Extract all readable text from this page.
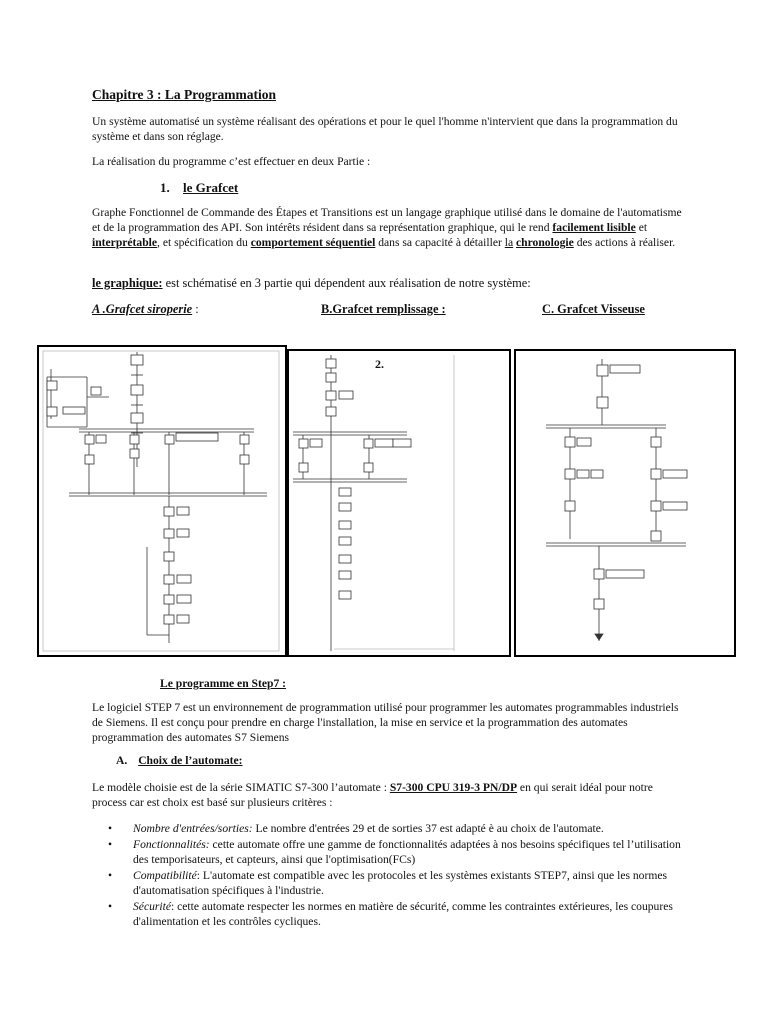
Chapitre 3 : La Programmation

Un système automatisé un système réalisant des opérations et pour le quel l'homme n'intervient que dans la programmation du système et dans son réglage.

La réalisation du programme c’est effectuer en deux Partie :

1. le Grafcet

Graphe Fonctionnel de Commande des Étapes et Transitions est un langage graphique utilisé dans le domaine de l'automatisme et de la programmation des API. Son intérêts résident dans sa représentation graphique, qui le rend facilement lisible et interprétable, et spécification du comportement séquentiel dans sa capacité à détailler la chronologie des actions à réaliser.

le graphique: est schématisé en 3 partie qui dépendent aux réalisation de notre système:

A .Grafcet siroperie :	B.Grafcet remplissage :	C. Grafcet Visseuse
2.
Le programme en Step7 :

Le logiciel STEP 7 est un environnement de programmation utilisé pour programmer les automates programmables industriels de Siemens. Il est conçu pour prendre en charge l'installation, la mise en service et la programmation des automates programmation des automates S7 Siemens

A. Choix de l’automate:

Le modèle choisie est de la série SIMATIC S7-300 l’automate : S7-300 CPU 319-3 PN/DP en qui serait idéal pour notre process car est choix est basé sur plusieurs critères :

• Nombre d'entrées/sorties: Le nombre d'entrées 29 et de sorties 37 est adapté è au choix de l'automate.
• Fonctionnalités: cette automate offre une gamme de fonctionnalités adaptées à nos besoins spécifiques tel l’utilisation des temporisateurs, et capteurs, ainsi que l'optimisation(FCs)
• Compatibilité: L'automate est compatible avec les protocoles et les systèmes existants STEP7, ainsi que les normes d'automatisation spécifiques à l'industrie.
• Sécurité: cette automate respecter les normes en matière de sécurité, comme les contraintes extérieures, les coupures d'alimentation et les contrôles cycliques.
